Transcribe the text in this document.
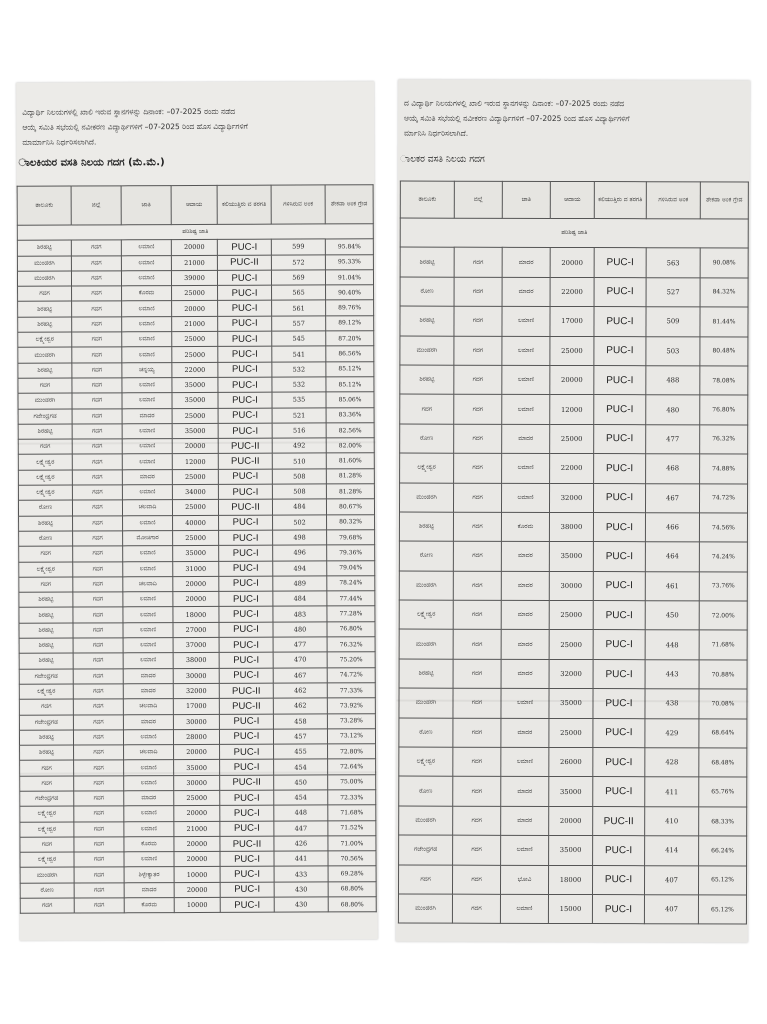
ವಿದ್ಯಾರ್ಥಿ ನಿಲಯಗಳಲ್ಲಿ ಖಾಲಿ ಇರುವ ಸ್ಥಾನಗಳನ್ನು ದಿನಾಂಕ: –07-2025 ರಂದು ನಡೆದ
ಆಯ್ಕೆ ಸಮಿತಿ ಸಭೆಯಲ್ಲಿ ನವೀಕರಣ ವಿದ್ಯಾರ್ಥಿಗಳಿಗೆ –07-2025 ರಿಂದ ಹೊಸ ವಿದ್ಯಾರ್ಥಿಗಳಿಗೆ
ಮಾರ್ಮಾನಿಸಿ ನಿರ್ಧರಿಸಲಾಗಿದೆ.
ಾಲಕಿಯರ ವಸತಿ ನಿಲಯ ಗದಗ (ಮೆ.ಮೆ.)
ತಾಲೂಕು	ಜಿಲ್ಲೆ	ಜಾತಿ	ಆದಾಯ	ಕಲಿಯುತ್ತಿರು ವ ತರಗತಿ	ಗಳಿಸಿರುವ ಅಂಕ	ಶೇಕಡಾ ಅಂಕ ಗ್ರೇಡ
ಪರಿಶಿಷ್ಟ ಜಾತಿ						
ಶಿರಹಟ್ಟಿ	ಗದಗ	ಲಮಾಣಿ	20000	PUC-I	599	95.84%
ಮುಂಡರಗಿ	ಗದಗ	ಲಮಾಣಿ	21000	PUC-II	572	95.33%
ಮುಂಡರಗಿ	ಗದಗ	ಲಮಾಣಿ	39000	PUC-I	569	91.04%
ಗದಗ	ಗದಗ	ಕೊರಮ	25000	PUC-I	565	90.40%
ಶಿರಹಟ್ಟಿ	ಗದಗ	ಲಮಾಣಿ	20000	PUC-I	561	89.76%
ಶಿರಹಟ್ಟಿ	ಗದಗ	ಲಮಾಣಿ	21000	PUC-I	557	89.12%
ಲಕ್ಷ್ಮೇಶ್ವರ	ಗದಗ	ಲಮಾಣಿ	25000	PUC-I	545	87.20%
ಮುಂಡರಗಿ	ಗದಗ	ಲಮಾಣಿ	25000	PUC-I	541	86.56%
ಶಿರಹಟ್ಟಿ	ಗದಗ	ಚನ್ನಯ್ಯ	22000	PUC-I	532	85.12%
ಗದಗ	ಗದಗ	ಲಮಾಣಿ	35000	PUC-I	532	85.12%
ಮುಂಡರಗಿ	ಗದಗ	ಲಮಾಣಿ	35000	PUC-I	535	85.06%
ಗಜೇಂದ್ರಗಡ	ಗದಗ	ಮಾದರ	25000	PUC-I	521	83.36%
ಶಿರಹಟ್ಟಿ	ಗದಗ	ಲಮಾಣಿ	35000	PUC-I	516	82.56%
ಗದಗ	ಗದಗ	ಲಮಾಣಿ	20000	PUC-II	492	82.00%
ಲಕ್ಷ್ಮೇಶ್ವರ	ಗದಗ	ಲಮಾಣಿ	12000	PUC-II	510	81.60%
ಲಕ್ಷ್ಮೇಶ್ವರ	ಗದಗ	ಮಾದರ	25000	PUC-I	508	81.28%
ಲಕ್ಷ್ಮೇಶ್ವರ	ಗದಗ	ಲಮಾಣಿ	34000	PUC-I	508	81.28%
ರೋಣ	ಗದಗ	ಚಲವಾದಿ	25000	PUC-II	484	80.67%
ಶಿರಹಟ್ಟಿ	ಗದಗ	ಲಮಾಣಿ	40000	PUC-I	502	80.32%
ರೋಣ	ಗದಗ	ಮೋಚಿಗಾರ	25000	PUC-I	498	79.68%
ಗದಗ	ಗದಗ	ಲಮಾಣಿ	35000	PUC-I	496	79.36%
ಲಕ್ಷ್ಮೇಶ್ವರ	ಗದಗ	ಲಮಾಣಿ	31000	PUC-I	494	79.04%
ಗದಗ	ಗದಗ	ಚಲವಾದಿ	20000	PUC-I	489	78.24%
ಶಿರಹಟ್ಟಿ	ಗದಗ	ಲಮಾಣಿ	20000	PUC-I	484	77.44%
ಶಿರಹಟ್ಟಿ	ಗದಗ	ಲಮಾಣಿ	18000	PUC-I	483	77.28%
ಶಿರಹಟ್ಟಿ	ಗದಗ	ಲಮಾಣಿ	27000	PUC-I	480	76.80%
ಶಿರಹಟ್ಟಿ	ಗದಗ	ಲಮಾಣಿ	37000	PUC-I	477	76.32%
ಶಿರಹಟ್ಟಿ	ಗದಗ	ಲಮಾಣಿ	38000	PUC-I	470	75.20%
ಗಜೇಂದ್ರಗಡ	ಗದಗ	ಮಾದರ	30000	PUC-I	467	74.72%
ಲಕ್ಷ್ಮೇಶ್ವರ	ಗದಗ	ಮಾದರ	32000	PUC-II	462	77.33%
ಗದಗ	ಗದಗ	ಚಲವಾದಿ	17000	PUC-II	462	73.92%
ಗಜೇಂದ್ರಗಡ	ಗದಗ	ಮಾದರ	30000	PUC-I	458	73.28%
ಶಿರಹಟ್ಟಿ	ಗದಗ	ಲಮಾಣಿ	28000	PUC-I	457	73.12%
ಶಿರಹಟ್ಟಿ	ಗದಗ	ಚಲವಾದಿ	20000	PUC-I	455	72.80%
ಗದಗ	ಗದಗ	ಲಮಾಣಿ	35000	PUC-I	454	72.64%
ಗದಗ	ಗದಗ	ಲಮಾಣಿ	30000	PUC-II	450	75.00%
ಗಜೇಂದ್ರಗಡ	ಗದಗ	ಮಾದರ	25000	PUC-I	454	72.33%
ಲಕ್ಷ್ಮೇಶ್ವರ	ಗದಗ	ಲಮಾಣಿ	20000	PUC-I	448	71.68%
ಲಕ್ಷ್ಮೇಶ್ವರ	ಗದಗ	ಲಮಾಣಿ	21000	PUC-I	447	71.52%
ಗದಗ	ಗದಗ	ಕೊರಮ	20000	PUC-II	426	71.00%
ಲಕ್ಷ್ಮೇಶ್ವರ	ಗದಗ	ಲಮಾಣಿ	20000	PUC-I	441	70.56%
ಮುಂಡರಗಿ	ಗದಗ	ಶಿಳ್ಳೇಕ್ಯಾತರ	10000	PUC-I	433	69.28%
ರೋಣ	ಗದಗ	ಮಾದರ	20000	PUC-I	430	68.80%
ಗದಗ	ಗದಗ	ಕೊರಮ	10000	PUC-I	430	68.80%
ದ ವಿದ್ಯಾರ್ಥಿ ನಿಲಯಗಳಲ್ಲಿ ಖಾಲಿ ಇರುವ ಸ್ಥಾನಗಳನ್ನು ದಿನಾಂಕ: –07-2025 ರಂದು ನಡೆದ
ಆಯ್ಕೆ ಸಮಿತಿ ಸಭೆಯಲ್ಲಿ ನವೀಕರಣ ವಿದ್ಯಾರ್ಥಿಗಳಿಗೆ –07-2025 ರಿಂದ ಹೊಸ ವಿದ್ಯಾರ್ಥಿಗಳಿಗೆ
ರ್ಮಾನಿಸಿ ನಿರ್ಧರಿಸಲಾಗಿದೆ.
ಾಲಕರ ವಸತಿ ನಿಲಯ ಗದಗ
ತಾಲೂಕು	ಜಿಲ್ಲೆ	ಜಾತಿ	ಆದಾಯ	ಕಲಿಯುತ್ತಿರು ವ ತರಗತಿ	ಗಳಿಸಿರುವ ಅಂಕ	ಶೇಕಡಾ ಅಂಕ ಗ್ರೇಡ
ಪರಿಶಿಷ್ಟ ಜಾತಿ						
ಶಿರಹಟ್ಟಿ	ಗದಗ	ಮಾದರ	20000	PUC-I	563	90.08%
ರೋಣ	ಗದಗ	ಮಾದರ	22000	PUC-I	527	84.32%
ಶಿರಹಟ್ಟಿ	ಗದಗ	ಲಮಾಣಿ	17000	PUC-I	509	81.44%
ಮುಂಡರಗಿ	ಗದಗ	ಲಮಾಣಿ	25000	PUC-I	503	80.48%
ಶಿರಹಟ್ಟಿ	ಗದಗ	ಲಮಾಣಿ	20000	PUC-I	488	78.08%
ಗದಗ	ಗದಗ	ಲಮಾಣಿ	12000	PUC-I	480	76.80%
ರೋಣ	ಗದಗ	ಮಾದರ	25000	PUC-I	477	76.32%
ಲಕ್ಷ್ಮೇಶ್ವರ	ಗದಗ	ಲಮಾಣಿ	22000	PUC-I	468	74.88%
ಮುಂಡರಗಿ	ಗದಗ	ಲಮಾಣಿ	32000	PUC-I	467	74.72%
ಶಿರಹಟ್ಟಿ	ಗದಗ	ಕೊರಮ	38000	PUC-I	466	74.56%
ರೋಣ	ಗದಗ	ಮಾದರ	35000	PUC-I	464	74.24%
ಮುಂಡರಗಿ	ಗದಗ	ಮಾದರ	30000	PUC-I	461	73.76%
ಲಕ್ಷ್ಮೇಶ್ವರ	ಗದಗ	ಮಾದರ	25000	PUC-I	450	72.00%
ಮುಂಡರಗಿ	ಗದಗ	ಮಾದರ	25000	PUC-I	448	71.68%
ಶಿರಹಟ್ಟಿ	ಗದಗ	ಮಾದರ	32000	PUC-I	443	70.88%
ಮುಂಡರಗಿ	ಗದಗ	ಲಮಾಣಿ	35000	PUC-I	438	70.08%
ರೋಣ	ಗದಗ	ಮಾದರ	25000	PUC-I	429	68.64%
ಲಕ್ಷ್ಮೇಶ್ವರ	ಗದಗ	ಲಮಾಣಿ	26000	PUC-I	428	68.48%
ರೋಣ	ಗದಗ	ಮಾದರ	35000	PUC-I	411	65.76%
ಮುಂಡರಗಿ	ಗದಗ	ಮಾದರ	20000	PUC-II	410	68.33%
ಗಜೇಂದ್ರಗಡ	ಗದಗ	ಲಮಾಣಿ	35000	PUC-I	414	66.24%
ಗದಗ	ಗದಗ	ಭೋವಿ	18000	PUC-I	407	65.12%
ಮುಂಡರಗಿ	ಗದಗ	ಲಮಾಣಿ	15000	PUC-I	407	65.12%
